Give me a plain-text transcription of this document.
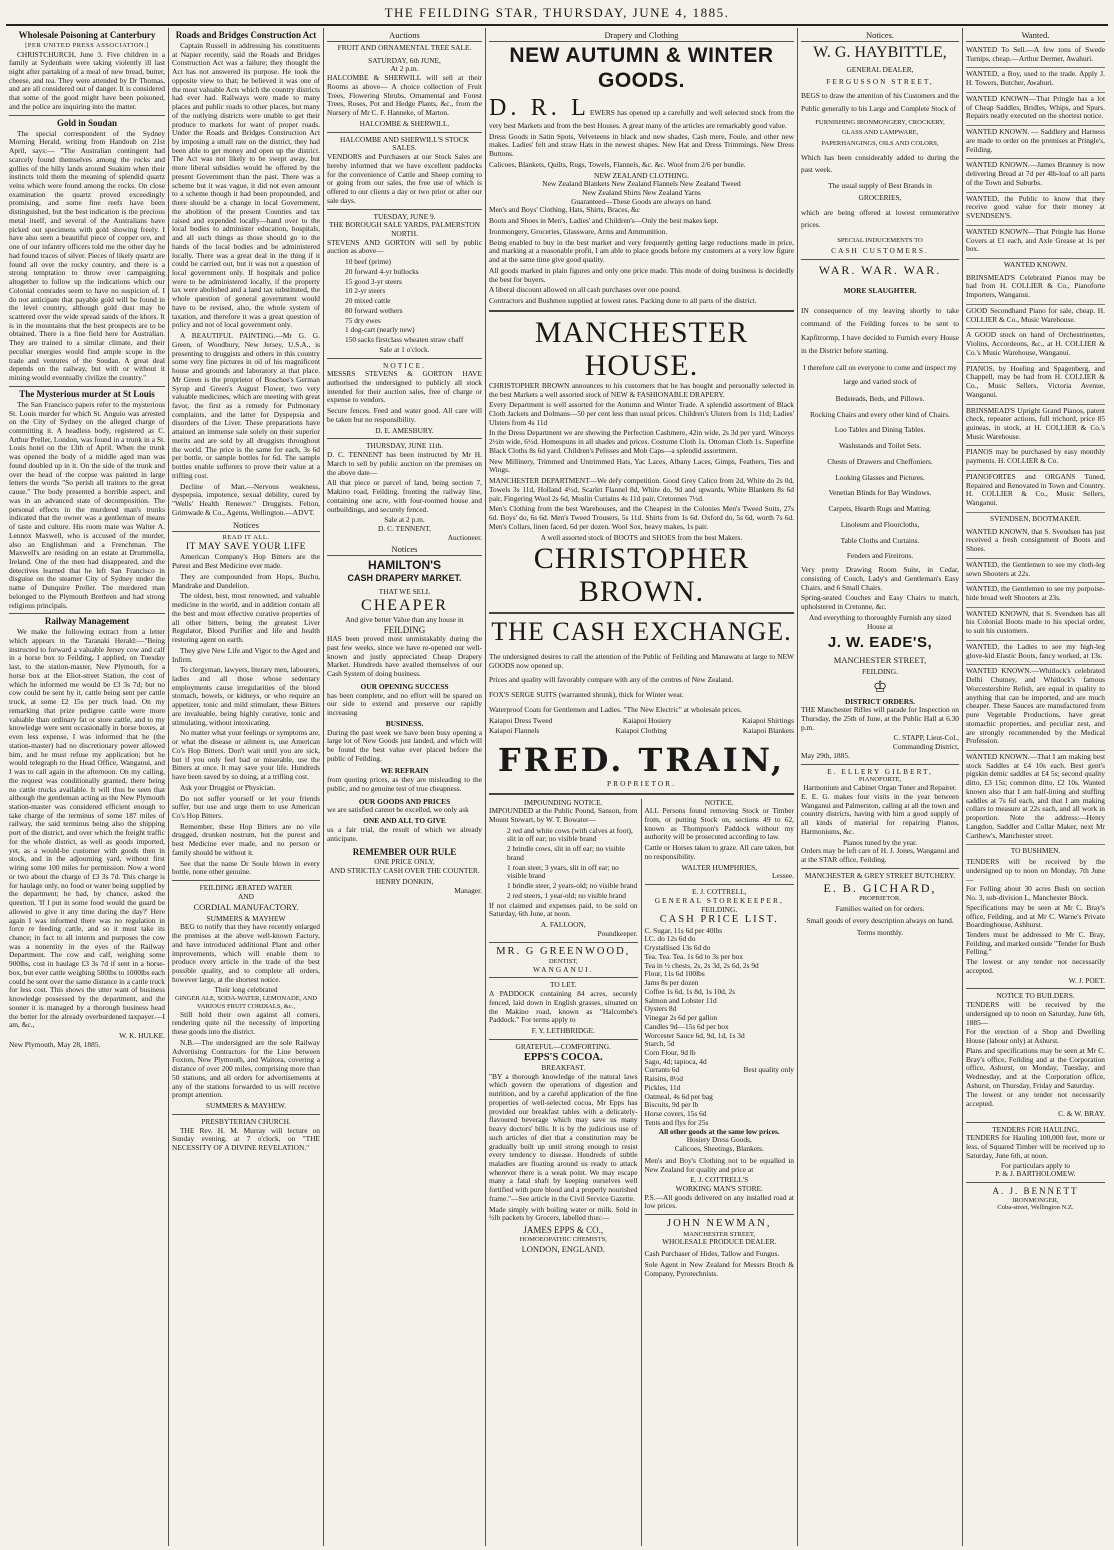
THE FEILDING STAR, THURSDAY, JUNE 4, 1885.
Wholesale Poisoning at Canterbury
[PER UNITED PRESS ASSOCIATION.]

CHRISTCHURCH, June 3. Five children in a family at Sydenham were taking violently ill last night after partaking of a meal of new bread, butter, cheese, and tea. They were attended by Dr Thomas, and are all considered out of danger. It is considered that some of the good might have been poisoned, and the police are inquiring into the matter.

Gold in Soudan

The special correspondent of the Sydney Morning Herald, writing from Handoub on 21st April, says:— "The Australian contingent had scarcely found themselves among the rocks and gullies of the hilly lands around Suakim when their instincts told them the meaning of splendid quartz veins which were found among the rocks. On close examination the quartz proved exceedingly promising, and some fine reefs have been distinguished, but the best indication is the precious metal itself, and several of the Australians have picked out specimens with gold showing freely. I have also seen a beautiful piece of copper ore, and one of our infantry officers told me the other day he had found traces of silver. Pieces of likely quartz are found all over the rocky country, and there is a strong temptation to throw over campaigning altogether to follow up the indications which our Colonial comrades seem to have no suspicion of. I do not anticipate that payable gold will be found in the level country, although gold dust may be scattered over the wide spread sands of the khors. It is in the mountains that the best prospects are to be obtained. There is a fine field here for Australian. They are trained to a similar climate, and their peculiar energies would find ample scope in the trade and ventures of the Soudan. A great deal depends on the railway, but with or without it mining would eventually civilize the country."

The Mysterious murder at St Louis

The San Francisco papers refer to the mysterious St. Louis murder for which St. Anguio was arrested on the City of Sydney on the alleged charge of committing it. A headless body, registered as C. Arthur Preller, London, was found in a trunk in a St. Louis hotel on the 13th of April. When the trunk was opened the body of a middle aged man was found doubled up in it. On the side of the trunk and over the head of the corpse was painted in large letters the words "So perish all traitors to the great cause." The body presented a horrible aspect, and was in an advanced state of decomposition. The personal effects in the murdered man's trunks indicated that the owner was a gentleman of means of taste and culture. His room mate was Walter A. Lennox Maxwell, who is accused of the murder, also an Englishman and a Frenchman. The Maxwell's are residing on an estate at Drummella, Ireland. One of the men had disappeared, and the detectives learned that he left San Francisco in disguise on the steamer City of Sydney under the name of Dunquire Preller. The murdered man belonged to the Plymouth Brethren and had strong religious principals.

Railway Management

We make the following extract from a letter which appears in the Taranaki Herald:—"Being instructed to forward a valuable Jersey cow and calf in a horse box to Feilding, I applied, on Tuesday last, to the station-master, New Plymouth, for a horse box at the Eliot-street Station, the cost of which he informed me would be £3 3s 7d; but no cow could be sent by it, cattle being sent per cattle truck, at some £2 15s per truck load. On my remarking that prize pedigree cattle were more valuable than ordinary fat or store cattle, and to my knowledge were sent occasionally in horse boxes, at even less expense, I was informed that he (the station-master) had no discretionary power allowed him, and he must refuse my application; but he would telegraph to the Head Office, Wanganui, and I was to call again in the afternoon. On my calling, the request was conditionally granted, there being no cattle trucks available. It will thus be seen that although the gentleman acting as the New Plymouth station-master was considered efficient enough to take charge of the terminus of some 187 miles of railway, the said terminus being also the shipping port of the district, and over which the freight traffic for the whole district, as well as goods imported, yet, as a would-be customer with goods then in stock, and in the adjourning yard, without first wiring some 100 miles for permission. Now a word or two about the charge of £3 3s 7d. This charge is for haulage only, no food or water being supplied by the department; he had, by chance, asked the question, 'If I put in some food would the guard be allowed to give it any time during the day?' Here again I was informed there was no regulation in force re feeding cattle, and so it must take its chance; in fact to all intents and purposes the cow was a nonentity in the eyes of the Railway Department. The cow and calf, weighing some 900lbs, cost in haulage £3 3s 7d if sent in a horse-box, but ever cattle weighing 500lbs to 1000lbs each could be sent over the same distance in a cattle truck for less cost. This shows the utter want of business knowledge possessed by the department, and the sooner it is managed by a thorough business head the better for the already overburdened taxpayer.—I am, &c.,

W. K. HULKE.
New Plymouth, May 28, 1885.
Roads and Bridges Construction Act

Captain Russell in addressing his constituents at Napier recently, said the Roads and Bridges Construction Act was a failure; they thought the Act has not answered its purpose. He took the opposite view to that; he believed it was one of the most valuable Acts which the country districts had ever had. Railways were made to many places and public roads to other places, but many of the outlying districts were unable to get their produce to markets for want of proper roads. Under the Roads and Bridges Construction Act by imposing a small rate on the district, they had been able to get money and open up the district. The Act was not likely to be swept away, but more liberal subsidies would be offered by the present Government than the past. There was a scheme but it was vague, it did not even amount to a scheme though it had been propounded, and there should be a change in local Government, the abolition of the present Counties and tax raised and expended locally—hand over to the local bodies to administer education, hospitals, and all such things as those should go to the hands of the local bodies and be administered locally. There was a great deal in the thing if it could be carried out, but it was not a question of local government only. If hospitals and police were to be administered locally, if the property tax were abolished and a land tax substituted, the whole question of general government would have to be revised, also, the whole system of taxation, and therefore it was a great question of policy and not of local government only.

A BEAUTIFUL PAINTING.—Mr G. G. Green, of Woodbury, New Jersey, U.S.A., is presenting to druggists and others in this country some very fine pictures in oil of his magnificent house and grounds and laboratory at that place. Mr Green is the proprietor of Boschee's German Syrup and Green's August Flower, two very valuable medicines, which are meeting with great favor, the first as a remedy for Pulmonary complaints, and the latter for Dyspepsia and disorders of the Liver. These preparations have attained an immense sale solely on their superior merits and are sold by all druggists throughout the world. The price is the same for each, 3s 6d per bottle, or sample bottles for 6d. The sample bottles enable sufferers to prove their value at a trifling cost.

Decline of Man.—Nervous weakness, dyspepsia, impotence, sexual debility, cured by "Wells' Health Renewer." Druggists. Felton, Grimwade & Co., Agents, Wellington.—ADVT.

Notices
READ IT ALL.
IT MAY SAVE YOUR LIFE

American Company's Hop Bitters are the Purest and Best Medicine ever made.

They are compounded from Hops, Buchu, Mandrake and Dandelion.

The oldest, best, most renowned, and valuable medicine in the world, and in addition contain all the best and most effective curative properties of all other bitters, being the greatest Liver Regulator, Blood Purifier and life and health restoring agent on earth.

They give New Life and Vigor to the Aged and Infirm.

To clergyman, lawyers, literary men, labourers, ladies and all those whose sedentary employments cause irregularities of the blood stomach, bowels, or kidneys, or who require an appetizer, tonic and mild stimulant, these Bitters are invaluable, being highly curative, tonic and stimulating, without intoxicating.

No matter what your feelings or symptoms are, or what the disease or ailment is, use American Co's Hop Bitters. Don't wait until you are sick, but if you only feel bad or miserable, use the Bitters at once. It may save your life. Hundreds have been saved by so doing, at a trifling cost.

Ask your Druggist or Physician.

Do not suffer yourself or let your friends suffer, but use and urge them to use American Co's Hop Bitters.

Remember, these Hop Bitters are no vile drugged, drunken nostrum, but the purest and best Medicine ever made, and no person or family should be without it.

See that the name Dr Soule blown in every bottle, none other genuine.

FEILDING ÆRATED WATER
AND
CORDIAL MANUFACTORY.
SUMMERS & MAYHEW

BEG to notify that they have recently enlarged the premises at the above well-known Factory, and have introduced additional Plant and other improvements, which will enable them to produce every article in the trade of the best possible quality, and to complete all orders, however large, at the shortest notice.

Their long celebrated
GINGER ALE, SODA-WATER, LEMONADE, AND VARIOUS FRUIT CORDIALS, &c.,

Still hold their own against all comers, rendering quite nil the necessity of importing these goods into the district.

N.B.—The undersigned are the sole Railway Advertising Contractors for the Line between Foxton, New Plymouth, and Waitora, covering a distance of over 200 miles, comprising more than 50 stations, and all orders for advertisements at any of the stations forwarded to us will receive prompt attention.

SUMMERS & MAYHEW.
PRESBYTERIAN CHURCH.

THE Rev. H. M. Murray will lecture on Sunday evening, at 7 o'clock, on "THE NECESSITY OF A DIVINE REVELATION."

Auctions
FRUIT AND ORNAMENTAL TREE SALE.
SATURDAY, 6th JUNE,
At 2 p.m.

HALCOMBE & SHERWILL will sell at their Rooms as above— A choice collection of Fruit Trees, Flowering Shrubs, Ornamental and Forest Trees, Roses, Pot and Hedge Plants, &c., from the Nursery of Mr C. F. Hanneke, of Marton.

HALCOMBE & SHERWILL.
HALCOMBE AND SHERWILL'S STOCK SALES.

VENDORS and Purchasers at our Stock Sales are hereby informed that we have excellent paddocks for the convenience of Cattle and Sheep coming to or going from our sales, the free use of which is offered to our clients a day or two prior or after our sale days.

TUESDAY, JUNE 9.
THE BOROUGH SALE YARDS, PALMERSTON NORTH.

STEVENS AND GORTON will sell by public auction as above—

10 beef (prime)
20 forward 4-yr bullocks
15 good 3-yr steers
10 2-yr steers
20 mixed cattle
80 forward wethers
75 dry ewes
1 dog-cart (nearly new)
150 sacks firstclass wheaten straw chaff
Sale at 1 o'clock.
NOTICE.

MESSRS STEVENS & GORTON HAVE authorised the undersigned to publicly all stock intended for their auction sales, free of charge or expense to vendors.

Secure fences. Feed and water good. All care will be taken but no responsibility.

D. E. AMESBURY.
THURSDAY, JUNE 11th.

D. C. TENNENT has been instructed by Mr H. March to sell by public auction on the premises on the above date—

All that piece or parcel of land, being section 7, Makino road, Feilding, fronting the railway line, containing one acre, with four-roomed house and outbuildings, and securely fenced.

Sale at 2 p.m.
D. C. TENNENT,
Auctioneer.
Notices
HAMILTON'S
CASH DRAPERY MARKET.
THAT WE SELL
CHEAPER
And give better Value than any house in
FEILDING

HAS been proved most unmistakably during the past few weeks, since we have re-opened our well-known and justly appreciated Cheap Drapery Market. Hundreds have availed themselves of our Cash System of doing business.

OUR OPENING SUCCESS

has been complete, and no effort will be spared on our side to extend and preserve our rapidly increasing

BUSINESS.

During the past week we have been busy opening a large lot of New Goods just landed, and which will be found the best value ever placed before the public of Feilding.

WE REFRAIN

from quoting prices, as they are misleading to the public, and no genuine test of true cheapness.

OUR GOODS AND PRICES

we are satisfied cannot be excelled, we only ask

ONE AND ALL TO GIVE

us a fair trial, the result of which we already anticipate.

REMEMBER OUR RULE
ONE PRICE ONLY,
AND STRICTLY CASH OVER THE COUNTER.
HENRY DONKIN,
Manager.
Drapery and Clothing
NEW AUTUMN & WINTER GOODS.

D. R. LEWERS has opened up a carefully and well selected stock from the very best Markets and from the best Houses. A great many of the articles are remarkably good value.

Dress Goods in Satin Spots, Velveteens in black and new shades, Cash mere, Foule, and other new makes. Ladies' felt and straw Hats in the newest shapes. New Hat and Dress Trimmings. New Dress Buttons.

Calicoes, Blankets, Quilts, Rugs, Towels, Flannels, &c. &c. Wool from 2/6 per bundle.

NEW ZEALAND CLOTHING.
New Zealand Blankets New Zealand Flannels New Zealand Tweed
New Zealand Shirts New Zealand Yarns
Guaranteed—These Goods are always on hand.

Men's and Boys' Clothing, Hats, Shirts, Braces, &c

Boots and Shoes in Men's, Ladies' and Children's—Only the best makes kept.

Ironmongery, Groceries, Glassware, Arms and Ammunition.

Being enabled to buy in the best market and very frequently getting large reductions made in price, and marking at a reasonable profit, I am able to place goods before my customers at a very low figure and at the same time give good quality.

All goods marked in plain figures and only one price made. This mode of doing business is decidedly the best for buyers.

A liberal discount allowed on all cash purchases over one pound.

Contractors and Bushmen supplied at lowest rates. Packing done to all parts of the district.

MANCHESTER HOUSE.

CHRISTOPHER BROWN announces to his customers that he has bought and personally selected in the best Markets a well assorted stock of NEW & FASHIONABLE DRAPERY.

Every Department is well assorted for the Autumn and Winter Trade. A splendid assortment of Black Cloth Jackets and Dolmans—50 per cent less than usual prices. Children's Ulsters from 1s 11d; Ladies' Ulsters from 4s 11d

In the Dress Department we are showing the Perfection Cashmere, 42in wide, 2s 3d per yard. Winceys 2½in wide, 6½d. Homespuns in all shades and prices. Costume Cloth 1s. Ottoman Cloth 1s. Superfine Black Cloths 8s 6d yard. Children's Pelisses and Mob Caps—a splendid assortment.

New Millinery, Trimmed and Untrimmed Hats, Yac Laces, Albany Laces, Gimps, Feathers, Ties and Wings.

MANCHESTER DEPARTMENT—We defy competition. Good Grey Calico from 2d, White do 2s 0d, Towels 3s 11d, Holland 4½d, Scarlet Flannel 8d, White do, 9d and upwards, White Blankets 8s 6d pair, Fingering Wool 2s 6d, Muslin Curtains 4s 11d pair, Cretonnes 7½d.

Men's Clothing from the best Warehouses, and the Cheapest in the Colonies Men's Tweed Suits, 27s 6d. Boys' do, 6s 6d. Men's Tweed Trousers, 5s 11d. Shirts from 1s 6d. Oxford do, 5s 6d, worth 7s 6d. Men's Collars, linen faced, 6d per dozen. Wool Sox, heavy makes, 1s pair.

A well assorted stock of BOOTS and SHOES from the best Makers.
CHRISTOPHER BROWN.
THE CASH EXCHANGE.

The undersigned desires to call the attention of the Public of Feilding and Manawatu at large to NEW GOODS now opened up.

Prices and quality will favorably compare with any of the centres of New Zealand.

FOX'S SERGE SUITS (warranted shrunk), thick for Winter wear.

Waterproof Coats for Gentlemen and Ladies. "The New Electric" at wholesale prices.

Kaiapoi Dress Tweed	Kaiapoi Hosiery	Kaiapoi Shirtings
Kaiapoi Flannels	Kaiapoi Clothing	Kaiapoi Blankets
FRED. TRAIN,
PROPRIETOR.
IMPOUNDING NOTICE.

IMPOUNDED at the Public Pound, Sanson, from Mount Stewart, by W. T. Bowater—

2 red and white cows (with calves at foot), slit in off ear; no visible brand
2 brindle cows, slit in off ear; no visible brand
1 roan steer, 3 years, slit in off ear; no visible brand
1 brindle steer, 2 years-old; no visible brand
2 red steers, 1 year-old; no visible brand

If not claimed and expenses paid, to be sold on Saturday, 6th June, at noon.

A. FALLOON,
Poundkeeper.
MR. G GREENWOOD,
DENTIST,
WANGANUI.
TO LET.

A PADDOCK containing 84 acres, securely fenced, laid down in English grasses, situated on the Makino road, known as "Halcombe's Paddock." For terms apply to

F. Y. LETHBRIDGE.
GRATEFUL—COMFORTING.
EPPS'S COCOA.
BREAKFAST.

"BY a thorough knowledge of the natural laws which govern the operations of digestion and nutrition, and by a careful application of the fine properties of well-selected cocoa, Mr Epps has provided our breakfast tables with a delicately-flavoured beverage which may save us many heavy doctors' bills. It is by the judicious use of such articles of diet that a constitution may be gradually built up until strong enough to resist every tendency to disease. Hundreds of subtle maladies are floating around us ready to attack wherever there is a weak point. We may escape many a fatal shaft by keeping ourselves well fortified with pure blood and a properly nourished frame."—See article in the Civil Service Gazette.

Made simply with boiling water or milk. Sold in ½lb packets by Grocers, labelled thus:—

JAMES EPPS & CO.,
HOMOEOPATHIC CHEMISTS,
LONDON, ENGLAND.
NOTICE.

ALL Persons found removing Stock or Timber from, or putting Stock on, sections 49 to 62, known as Thompson's Paddock without my authority will be prosecuted according to law.

Cattle or Horses taken to graze. All care taken, but no responsibility.

WALTER HUMPHRIES,
Lessee.
E. J. COTTRELL,
GENERAL STOREKEEPER,
FEILDING.
CASH PRICE LIST.
C. Sugar, 11s 6d per 40lbs
I.C. do 12s 6d do
Crystallised 13s 6d do
Tea. Tea. Tea. 1s 6d to 3s per box
Tea in ½ chests, 2s, 2s 3d, 2s 6d, 2s 9d
Flour, 11s 6d 100lbs
Jams 8s per dozen
Coffee 1s 6d, 1s 8d, 1s 10d, 2s
Salmon and Lobster 11d
Oysters 8d
Vinegar 2s 6d per gallon
Candles 9d—15s 6d per box
Worcester Sauce 6d, 9d, 1d, 1s 3d
Starch, 5d
Corn Flour, 9d lb
Sago, 4d; tapioca, 4d
Currants 6d	Best quality only
Raisins, 8½d
Pickles, 11d
Oatmeal, 4s 6d per bag
Biscuits, 9d per lb
Horse covers, 15s 6d
Tents and flys for 25s
All other goods at the same low prices.
Hosiery Dress Goods,
Calicoes, Sheetings, Blankets.

Men's and Boy's Clothing not to be equalled in New Zealand for quality and price at

E. J. COTTRELL'S
WORKING MAN'S STORE.

P.S.—All goods delivered on any installed road at low prices.

JOHN NEWMAN,
MANCHESTER STREET,
WHOLESALE PRODUCE DEALER.

Cash Purchaser of Hides, Tallow and Fungus.

Sole Agent in New Zealand for Messrs Broch & Company, Pyrotechnists.

Notices.
W. G. HAYBITTLE,
GENERAL DEALER,
FERGUSSON STREET,

BEGS to draw the attention of his Customers and the Public generally to his Large and Complete Stock of

FURNISHING IRONMONGERY, CROCKERY,
GLASS AND LAMPWARE,
PAPERHANGINGS, OILS AND COLORS,

Which has been considerably added to during the past week.

The usual supply of Best Brands in
GROCERIES,

which are being offered at lowest remunerative prices.

SPECIAL INDUCEMENTS TO
CASH CUSTOMERS.
WAR. WAR. WAR.
MORE SLAUGHTER.

IN consequence of my leaving shortly to take command of the Feilding forces to be sent to Kapfitrormp, I have decided to Furnish every House in the District before starting.

I therefore call on everyone to come and inspect my large and varied stock of

Bedsteads, Beds, and Pillows.
Rocking Chairs and every other kind of Chairs.
Loo Tables and Dining Tables.
Washstands and Toilet Sets.
Chests of Drawers and Cheffoniers.
Looking Glasses and Pictures.
Venetian Blinds for Bay Windows.
Carpets, Hearth Rugs and Matting.
Linoleum and Floorcloths,
Table Cloths and Curtains.
Fenders and Fireirons.

Very pretty Drawing Room Suite, in Cedar, consisting of Couch, Lady's and Gentleman's Easy Chairs, and 6 Small Chairs.

Spring-seated Couches and Easy Chairs to match, upholstered in Cretonne, &c.

And everything to thoroughly Furnish any sized House at

J. W. EADE'S,
MANCHESTER STREET,
FEILDING.
♔
DISTRICT ORDERS.

THE Manchester Rifles will parade for Inspection on Thursday, the 25th of June, at the Public Hall at 6.30 p.m.

C. STAPP, Lieut-Col.,
Commanding District,
May 29th, 1885.
E. ELLERY GILBERT,
PIANOFORTE,
Harmonium and Cabinet Organ Tuner and Repairer.

E. E. G. makes four visits in the year between Wanganui and Palmerston, calling at all the town and country districts, having with him a good supply of all kinds of material for repairing Pianos, Harmoniums, &c.

Pianos tuned by the year.

Orders may be left care of H. J. Jones, Wanganui and at the STAR office, Feilding.

MANCHESTER & GREY STREET BUTCHERY.
E. B. GICHARD,
PROPRIETOR.
Families waited on for orders.
Small goods of every description always on hand.
Terms monthly.
Wanted.

WANTED To Sell.—A few tons of Swede Turnips, cheap.—Arthur Dermer, Awahuri.

WANTED, a Boy, used to the trade. Apply J. H. Towers, Butcher, Awahuri.

WANTED KNOWN—That Pringle has a lot of Cheap Saddles, Bridles, Whips, and Spurs. Repairs neatly executed on the shortest notice.

WANTED KNOWN. — Saddlery and Harness are made to order on the premises at Pringle's, Feilding.

WANTED KNOWN.—James Branney is now delivering Bread at 7d per 4lb-loaf to all parts of the Town and Suburbs.

WANTED, the Public to know that they receive good value for their money at SVENDSEN'S.

WANTED KNOWN—That Pringle has Horse Covers at £1 each, and Axle Grease at 1s per box.

WANTED KNOWN.

BRINSMEAD'S Celebrated Pianos may be had from H. COLLIER & Co., Pianoforte Importers, Wanganui.

GOOD Secondhand Piano for sale, cheap. H. COLLIER & Co., Music Warehouse.

A GOOD stock on hand of Orchestrinettes, Violins, Accordeons, &c., at H. COLLIER & Co.'s Music Warehouse, Wanganui.

PIANOS, by Hoeling and Spagenberg, and Chappell, may be had from H. COLLIER & Co., Music Sellers, Victoria Avenue, Wanganui.

BRINSMEAD'S Upright Grand Pianos, patent check, repeater actions, full trichord, price 85 guineas, in stock, at H. COLLIER & Co.'s Music Warehouse.

PIANOS may be purchased by easy monthly payments. H. COLLIER & Co.

PIANOFORTES and ORGANS Tuned, Repaired and Renovated in Town and Country. H. COLLIER & Co., Music Sellers, Wanganui.

SVENDSEN, BOOTMAKER.

WANTED KNOWN, that S. Svendsen has just received a fresh consignment of Boots and Shoes.

WANTED, the Gentlemen to see my cloth-leg sewn Shooters at 22s.

WANTED, the Gentlemen to see my porpoise-hide broad welt Shooters at 23s.

WANTED KNOWN, that S. Svendsen has all his Colonial Boots made to his special order, to suit his customers.

WANTED, the Ladies to see my high-leg glove-kid Elastic Boots, fancy worked, at 13s.

WANTED KNOWN.—Whitlock's celebrated Delhi Chutney, and Whitlock's famous Worcestershire Relish, are equal in quality to anything that can be imported, and are much cheaper. These Sauces are manufactured from pure Vegetable Productions, have great stomachic properties, and peculiar zest, and are strongly recommended by the Medical Profession.

WANTED KNOWN.—That I am making best stock Saddles at £4 10s each. Best gent's pigskin demic saddles at £4 5s; second quality ditto, £3 15s; common ditto, £2 10s. Wanted known also that I am half-lining and stuffing saddles at 7s 6d each, and that I am making collars to measure at 22s each, and all work in proportion. Note the address:—Henry Langdon, Saddler and Collar Maker, next Mr Carthew's, Manchester street.

TO BUSHMEN.

TENDERS will be received by the undersigned up to noon on Monday, 7th June—

For Felling about 30 acres Bush on section No. 3, sub-division L, Manchester Block.

Specifications may be seen at Mr C. Bray's office, Feilding, and at Mr C. Warne's Private Boardinghouse, Ashhurst.

Tenders must be addressed to Mr C. Bray, Feilding, and marked outside "Tender for Bush Felling."

The lowest or any tender not necessarily accepted.

W. J. POET.
NOTICE TO BUILDERS.

TENDERS will be received by the undersigned up to noon on Saturday, June 6th, 1885—

For the erection of a Shop and Dwelling House (labour only) at Ashurst.

Plans and specifications may be seen at Mr C. Bray's office, Feilding and at the Corporation office, Ashurst, on Monday, Tuesday, and Wednesday, and at the Corporation office, Ashurst, on Thursday, Friday and Saturday.

The lowest or any tender not necessarily accepted.

C. & W. BRAY.
TENDERS FOR HAULING.

TENDERS for Hauling 100,000 feet, more or less, of Squared Timber will be received up to Saturday, June 6th, at noon.

For particulars apply to
P. & J. BARTHOLOMEW.
A. J. BENNETT
IRONMONGER,
Cuba-street, Wellington N.Z.
